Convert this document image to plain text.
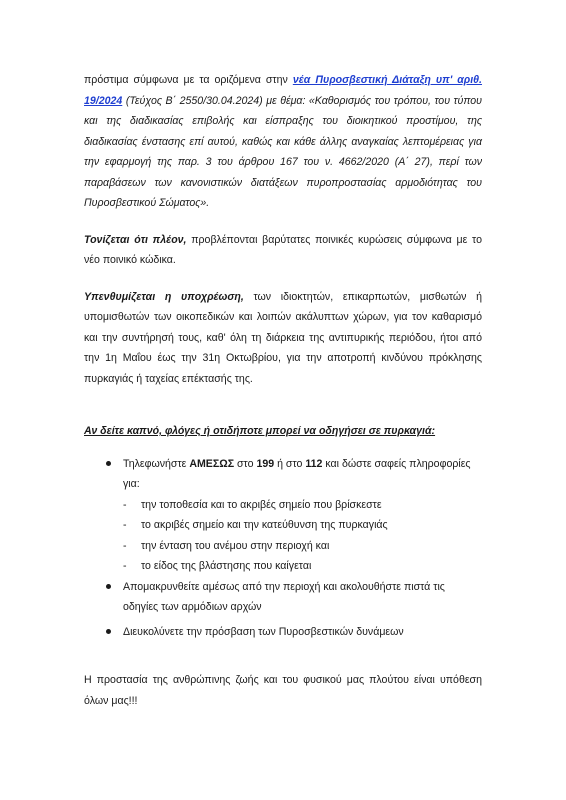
πρόστιμα σύμφωνα με τα οριζόμενα στην νέα Πυροσβεστική Διάταξη υπ' αριθ. 19/2024 (Τεύχος Β΄ 2550/30.04.2024) με θέμα: «Καθορισμός του τρόπου, του τύπου και της διαδικασίας επιβολής και είσπραξης του διοικητικού προστίμου, της διαδικασίας ένστασης επί αυτού, καθώς και κάθε άλλης αναγκαίας λεπτομέρειας για την εφαρμογή της παρ. 3 του άρθρου 167 του ν. 4662/2020 (Α΄ 27), περί των παραβάσεων των κανονιστικών διατάξεων πυροπροστασίας αρμοδιότητας του Πυροσβεστικού Σώματος».

Τονίζεται ότι πλέον, προβλέπονται βαρύτατες ποινικές κυρώσεις σύμφωνα με το νέο ποινικό κώδικα.

Υπενθυμίζεται η υποχρέωση, των ιδιοκτητών, επικαρπωτών, μισθωτών ή υπομισθωτών των οικοπεδικών και λοιπών ακάλυπτων χώρων, για τον καθαρισμό και την συντήρησή τους, καθ' όλη τη διάρκεια της αντιπυρικής περιόδου, ήτοι από την 1η Μαΐου έως την 31η Οκτωβρίου, για την αποτροπή κινδύνου πρόκλησης πυρκαγιάς ή ταχείας επέκτασής της.

Αν δείτε καπνό, φλόγες ή οτιδήποτε μπορεί να οδηγήσει σε πυρκαγιά:

Τηλεφωνήστε ΑΜΕΣΩΣ στο 199 ή στο 112 και δώστε σαφείς πληροφορίες για:
- την τοποθεσία και το ακριβές σημείο που βρίσκεστε
- το ακριβές σημείο και την κατεύθυνση της πυρκαγιάς
- την ένταση του ανέμου στην περιοχή και
- το είδος της βλάστησης που καίγεται
Απομακρυνθείτε αμέσως από την περιοχή και ακολουθήστε πιστά τις οδηγίες των αρμόδιων αρχών
Διευκολύνετε την πρόσβαση των Πυροσβεστικών δυνάμεων

Η προστασία της ανθρώπινης ζωής και του φυσικού μας πλούτου είναι υπόθεση όλων μας!!!
